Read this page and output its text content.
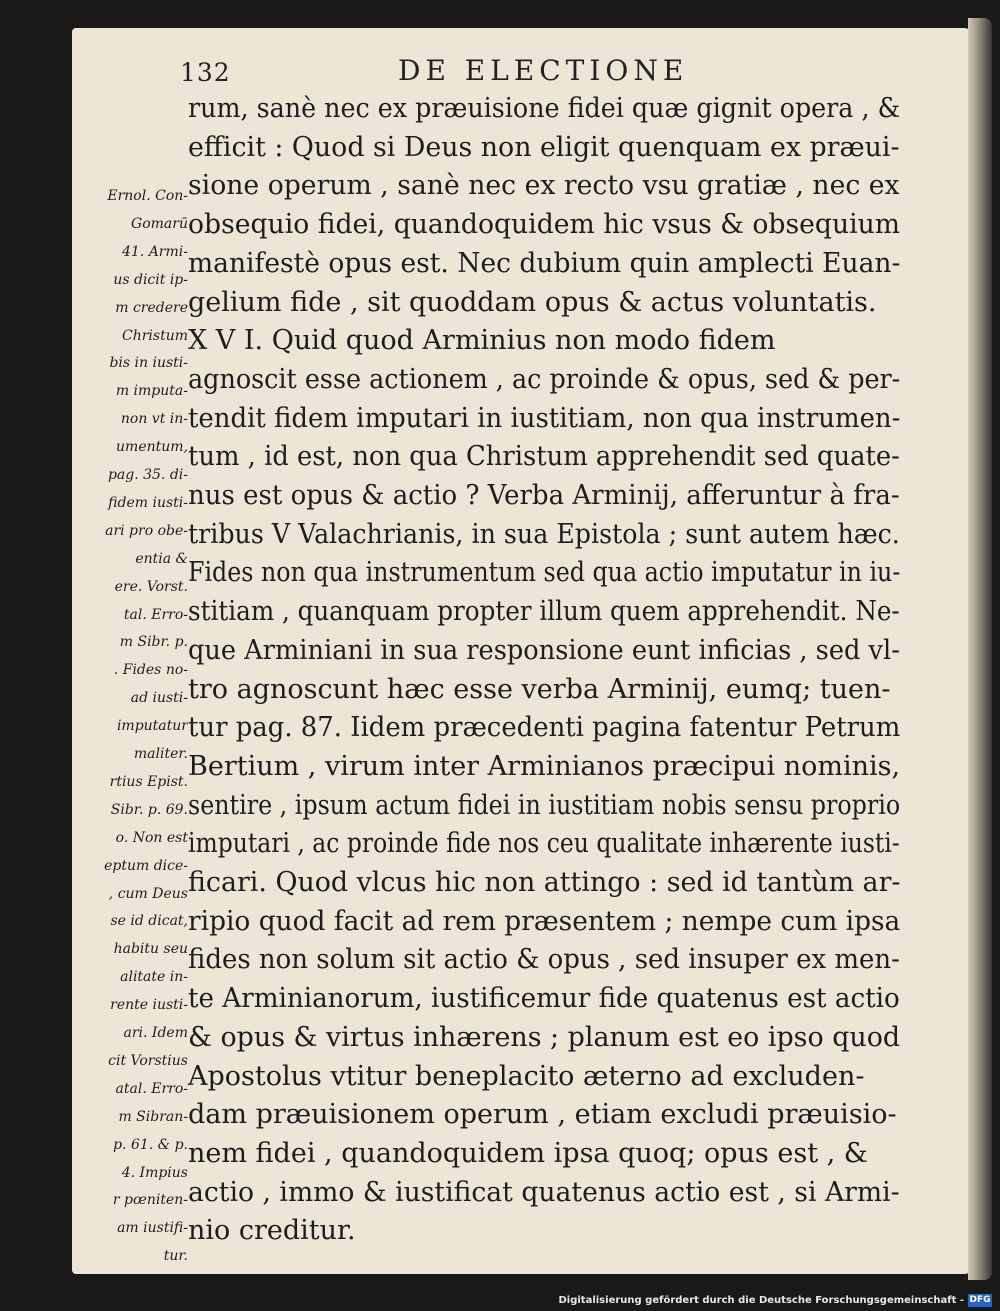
132	DE ELECTIONE
Ernol. Con-
Gomarū
41. Armi-
us dicit ip-
m credere
Christum
bis in iusti-
m imputa-
non vt in-
umentum,
pag. 35. di-
fidem iusti-
ari pro obe-
entia &
ere. Vorst.
tal. Erro-
m Sibr. p.
. Fides no-
ad iusti-
imputatur
maliter.
rtius Epist.
Sibr. p. 69.
o. Non est
eptum dice-
, cum Deus
se id dicat,
habitu seu
alitate in-
rente iusti-
ari. Idem
cit Vorstius
atal. Erro-
m Sibran-
p. 61. & p.
4. Impius
r pœniten-
am iustifi-
tur.
rum, sanè nec ex præuisione fidei quæ gignit opera , &
efficit : Quod si Deus non eligit quenquam ex præui-
sione operum , sanè nec ex recto vsu gratiæ , nec ex
obsequio fidei, quandoquidem hic vsus & obsequium
manifestè opus est. Nec dubium quin amplecti Euan-
gelium fide , sit quoddam opus & actus voluntatis.
X V I. Quid quod Arminius non modo fidem
agnoscit esse actionem , ac proinde & opus, sed & per-
tendit fidem imputari in iustitiam, non qua instrumen-
tum , id est, non qua Christum apprehendit sed quate-
nus est opus & actio ? Verba Arminij, afferuntur à fra-
tribus V Valachrianis, in sua Epistola ; sunt autem hæc.
Fides non qua instrumentum sed qua actio imputatur in iu-
stitiam , quanquam propter illum quem apprehendit. Ne-
que Arminiani in sua responsione eunt inficias , sed vl-
tro agnoscunt hæc esse verba Arminij, eumq; tuen-
tur pag. 87. Iidem præcedenti pagina fatentur Petrum
Bertium , virum inter Arminianos præcipui nominis,
sentire , ipsum actum fidei in iustitiam nobis sensu proprio
imputari , ac proinde fide nos ceu qualitate inhærente iusti-
ficari. Quod vlcus hic non attingo : sed id tantùm ar-
ripio quod facit ad rem præsentem ; nempe cum ipsa
fides non solum sit actio & opus , sed insuper ex men-
te Arminianorum, iustificemur fide quatenus est actio
& opus & virtus inhærens ; planum est eo ipso quod
Apostolus vtitur beneplacito æterno ad excluden-
dam præuisionem operum , etiam excludi præuisio-
nem fidei , quandoquidem ipsa quoq; opus est , &
actio , immo & iustificat quatenus actio est , si Armi-
nio creditur.
Digitalisierung gefördert durch die Deutsche Forschungsgemeinschaft - DFG
